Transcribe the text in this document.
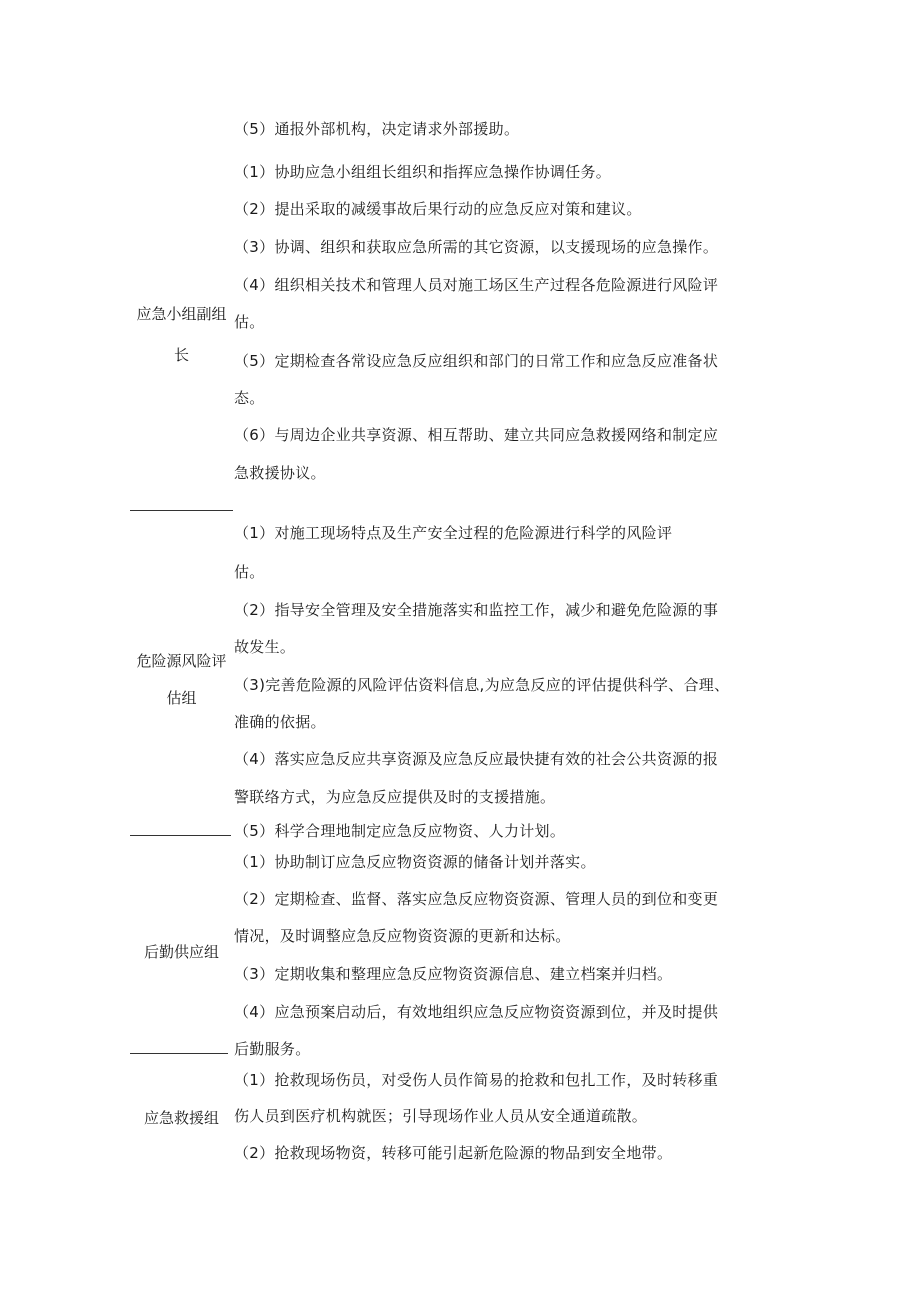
（5）通报外部机构，决定请求外部援助。

应急小组副组

长

（1）协助应急小组组长组织和指挥应急操作协调任务。

（2）提出采取的减缓事故后果行动的应急反应对策和建议。

（3）协调、组织和获取应急所需的其它资源，以支援现场的应急操作。

（4）组织相关技术和管理人员对施工场区生产过程各危险源进行风险评

估。

（5）定期检查各常设应急反应组织和部门的日常工作和应急反应准备状

态。

（6）与周边企业共享资源、相互帮助、建立共同应急救援网络和制定应

急救援协议。

危险源风险评

估组

（1）对施工现场特点及生产安全过程的危险源进行科学的风险评

估。

（2）指导安全管理及安全措施落实和监控工作，减少和避免危险源的事

故发生。

（3)完善危险源的风险评估资料信息,为应急反应的评估提供科学、合理、

准确的依据。

（4）落实应急反应共享资源及应急反应最快捷有效的社会公共资源的报

警联络方式，为应急反应提供及时的支援措施。

（5）科学合理地制定应急反应物资、人力计划。

后勤供应组

（1）协助制订应急反应物资资源的储备计划并落实。

（2）定期检查、监督、落实应急反应物资资源、管理人员的到位和变更

情况，及时调整应急反应物资资源的更新和达标。

（3）定期收集和整理应急反应物资资源信息、建立档案并归档。

（4）应急预案启动后，有效地组织应急反应物资资源到位，并及时提供

后勤服务。

应急救援组

（1）抢救现场伤员，对受伤人员作简易的抢救和包扎工作，及时转移重

伤人员到医疗机构就医；引导现场作业人员从安全通道疏散。

（2）抢救现场物资，转移可能引起新危险源的物品到安全地带。
